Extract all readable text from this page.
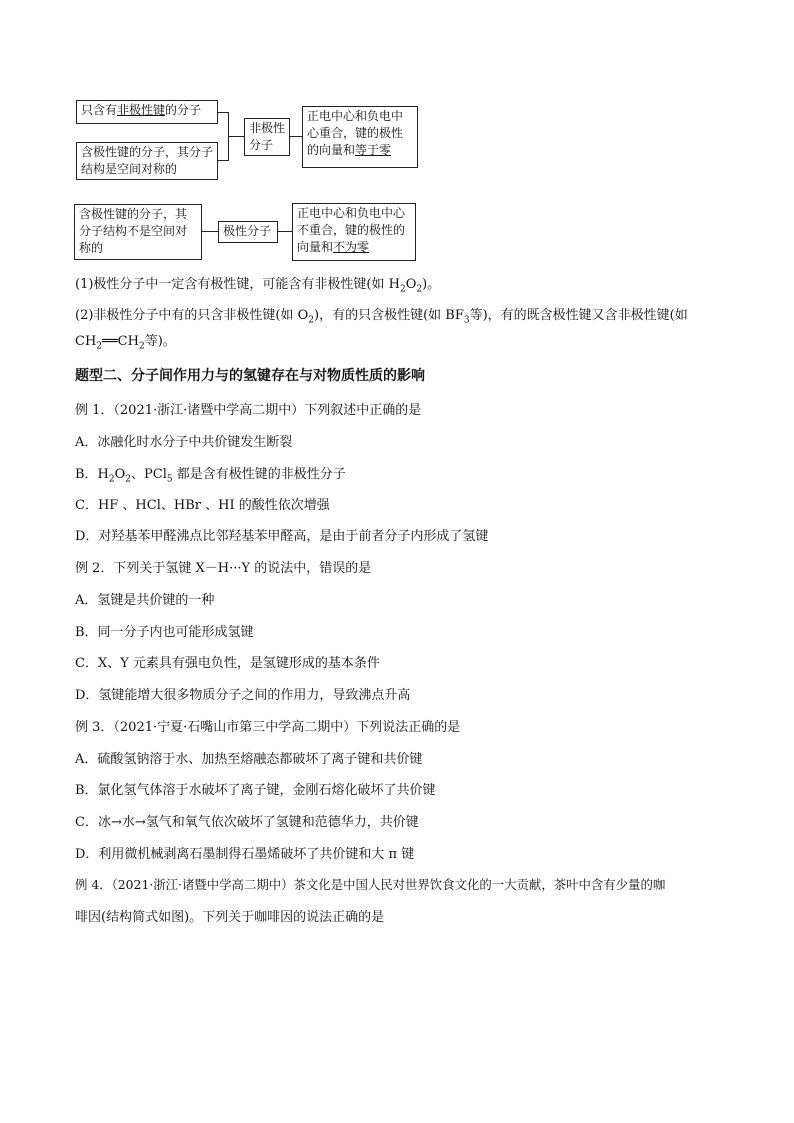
只含有非极性键的分子
含极性键的分子，其分子结构是空间对称的
非极性分子
正电中心和负电中心重合，键的极性的向量和等于零
含极性键的分子，其分子结构不是空间对称的
极性分子
正电中心和负电中心不重合，键的极性的向量和不为零
(1)极性分子中一定含有极性键，可能含有非极性键(如 $H_2O_2$)。
(2)非极性分子中有的只含非极性键(如 $O_2$)，有的只含极性键(如 $BF_3$等)，有的既含极性键又含非极性键(如
$CH_2══CH_2$等)。
题型二、分子间作用力与的氢键存在与对物质性质的影响
例 1．（2021·浙江·诸暨中学高二期中）下列叙述中正确的是
A．冰融化时水分子中共价键发生断裂
B．$H_2O_2$、PCl$_5$ 都是含有极性键的非极性分子
C．HF 、HCl、HBr 、HI 的酸性依次增强
D．对羟基苯甲醛沸点比邻羟基苯甲醛高，是由于前者分子内形成了氢键
例 2．下列关于氢键 X－H···Y 的说法中，错误的是
A．氢键是共价键的一种
B．同一分子内也可能形成氢键
C．X、Y 元素具有强电负性，是氢键形成的基本条件
D．氢键能增大很多物质分子之间的作用力，导致沸点升高
例 3．（2021·宁夏·石嘴山市第三中学高二期中）下列说法正确的是
A．硫酸氢钠溶于水、加热至熔融态都破坏了离子键和共价键
B．氯化氢气体溶于水破坏了离子键，金刚石熔化破坏了共价键
C．冰→水→氢气和氧气依次破坏了氢键和范德华力，共价键
D．利用微机械剥离石墨制得石墨烯破坏了共价键和大 π 键
例 4．（2021·浙江·诸暨中学高二期中）茶文化是中国人民对世界饮食文化的一大贡献，茶叶中含有少量的咖
啡因(结构简式如图)。下列关于咖啡因的说法正确的是
